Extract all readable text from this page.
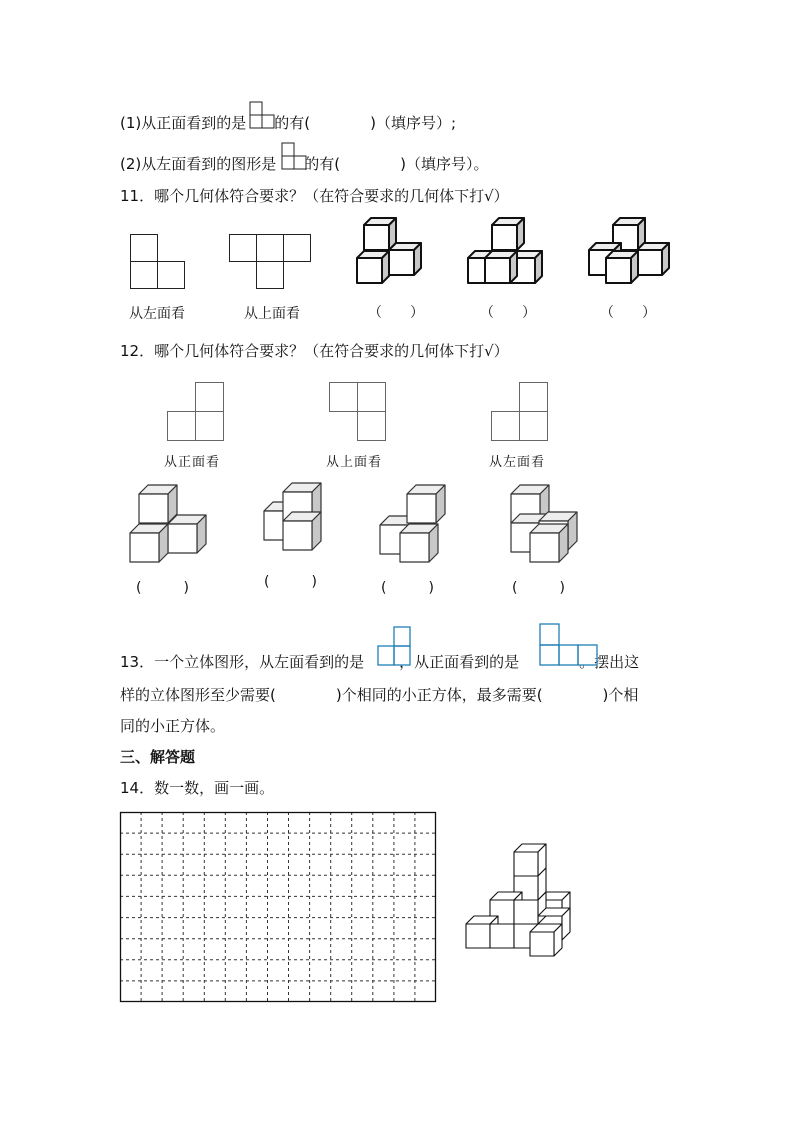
(1)从正面看到的是 的有(	)（填序号）;
(2)从左面看到的图形是 的有(	)（填序号）。
11．哪个几何体符合要求？（在符合要求的几何体下打√）
从左面看	从上面看	（　　）	（　　）	（　　）
12．哪个几何体符合要求？（在符合要求的几何体下打√）
从正面看	从上面看	从左面看
(　　　)	(　　　)	(　　　)	(　　　)
13．一个立体图形，从左面看到的是 ，从正面看到的是	。摆出这
样的立体图形至少需要(　　　　)个相同的小正方体，最多需要(　　　　)个相
同的小正方体。
三、解答题
14．数一数，画一画。
